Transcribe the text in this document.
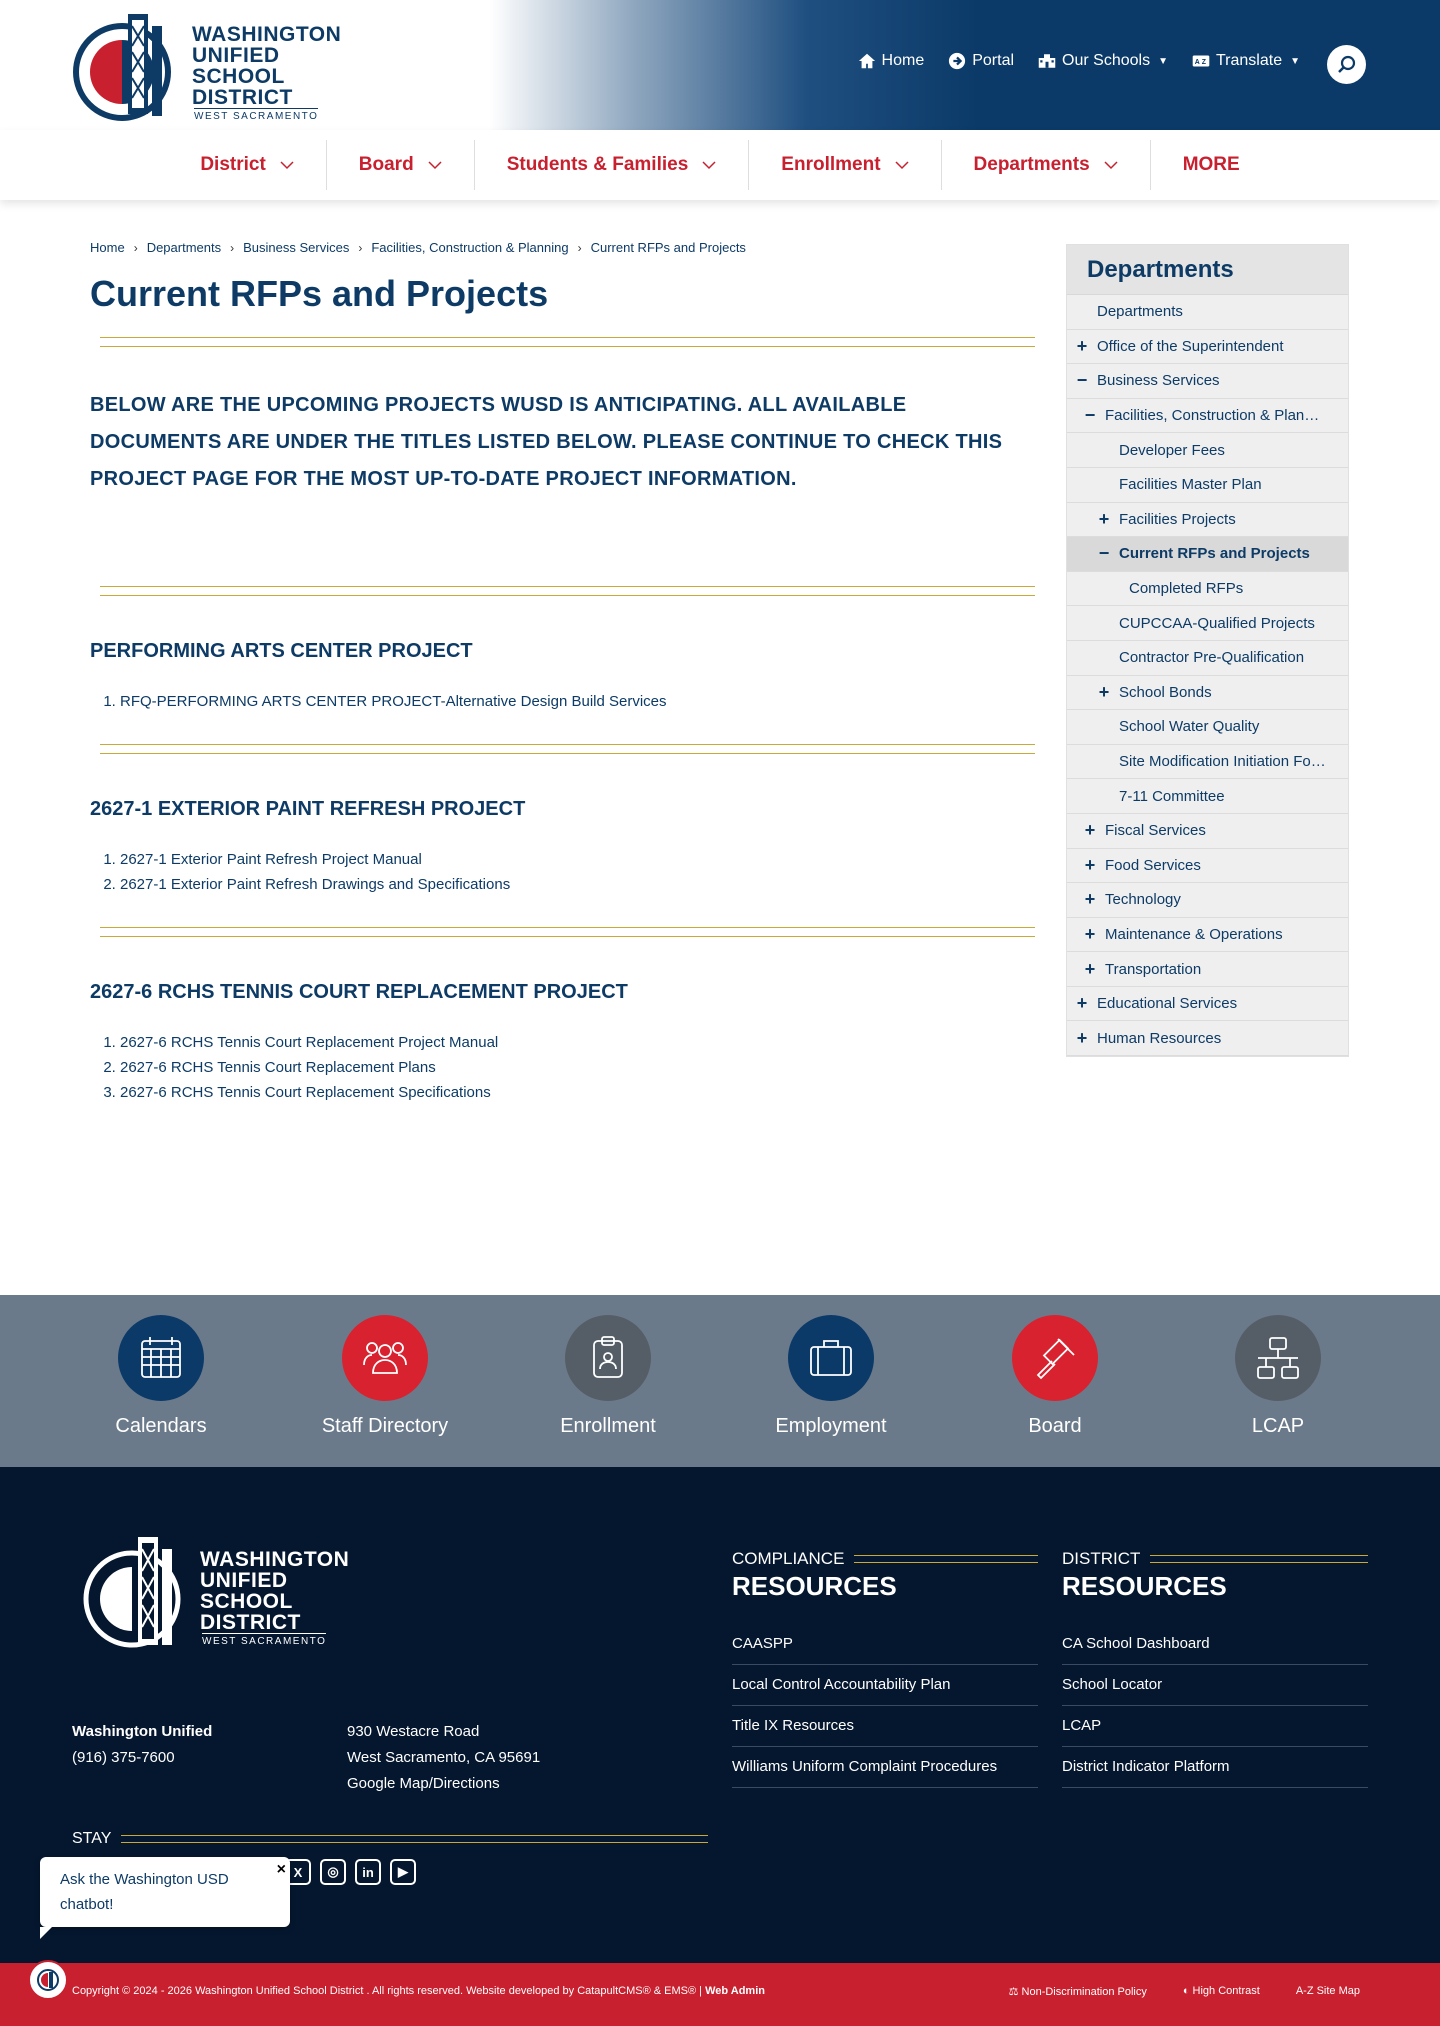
WASHINGTON
UNIFIED
SCHOOL
DISTRICT
WEST SACRAMENTO
Home	Portal	Our Schools ▼	A Z Translate ▼
District	Board	Students & Families	Enrollment	Departments	MORE
Home › Departments › Business Services › Facilities, Construction & Planning › Current RFPs and Projects
Current RFPs and Projects

BELOW ARE THE UPCOMING PROJECTS WUSD IS ANTICIPATING. ALL AVAILABLE DOCUMENTS ARE UNDER THE TITLES LISTED BELOW. PLEASE CONTINUE TO CHECK THIS PROJECT PAGE FOR THE MOST UP-TO-DATE PROJECT INFORMATION.

PERFORMING ARTS CENTER PROJECT
1. RFQ-PERFORMING ARTS CENTER PROJECT-Alternative Design Build Services
2627-1 EXTERIOR PAINT REFRESH PROJECT
1. 2627-1 Exterior Paint Refresh Project Manual
2. 2627-1 Exterior Paint Refresh Drawings and Specifications
2627-6 RCHS TENNIS COURT REPLACEMENT PROJECT
1. 2627-6 RCHS Tennis Court Replacement Project Manual
2. 2627-6 RCHS Tennis Court Replacement Plans
3. 2627-6 RCHS Tennis Court Replacement Specifications
Departments
Departments
+ Office of the Superintendent
− Business Services
− Facilities, Construction & Plan…
Developer Fees
Facilities Master Plan
+ Facilities Projects
− Current RFPs and Projects
Completed RFPs
CUPCCAA-Qualified Projects
Contractor Pre-Qualification
+ School Bonds
School Water Quality
Site Modification Initiation Fo…
7-11 Committee
+ Fiscal Services
+ Food Services
+ Technology
+ Maintenance & Operations
+ Transportation
+ Educational Services
+ Human Resources
Calendars	Staff Directory	Enrollment	Employment	Board	LCAP
WASHINGTON
UNIFIED
SCHOOL
DISTRICT
WEST SACRAMENTO
Washington Unified
(916) 375-7600
930 Westacre Road
West Sacramento, CA 95691
Google Map/Directions
STAY
X	◎	in	▶
COMPLIANCE
RESOURCES
CAASPP
Local Control Accountability Plan
Title IX Resources
Williams Uniform Complaint Procedures
DISTRICT
RESOURCES
CA School Dashboard
School Locator
LCAP
District Indicator Platform
Ask the Washington USD chatbot!
×
Copyright © 2024 - 2026 Washington Unified School District . All rights reserved. Website developed by CatapultCMS® & EMS® | Web Admin	⚖ Non-Discrimination Policy	◐ High Contrast	A-Z Site Map
